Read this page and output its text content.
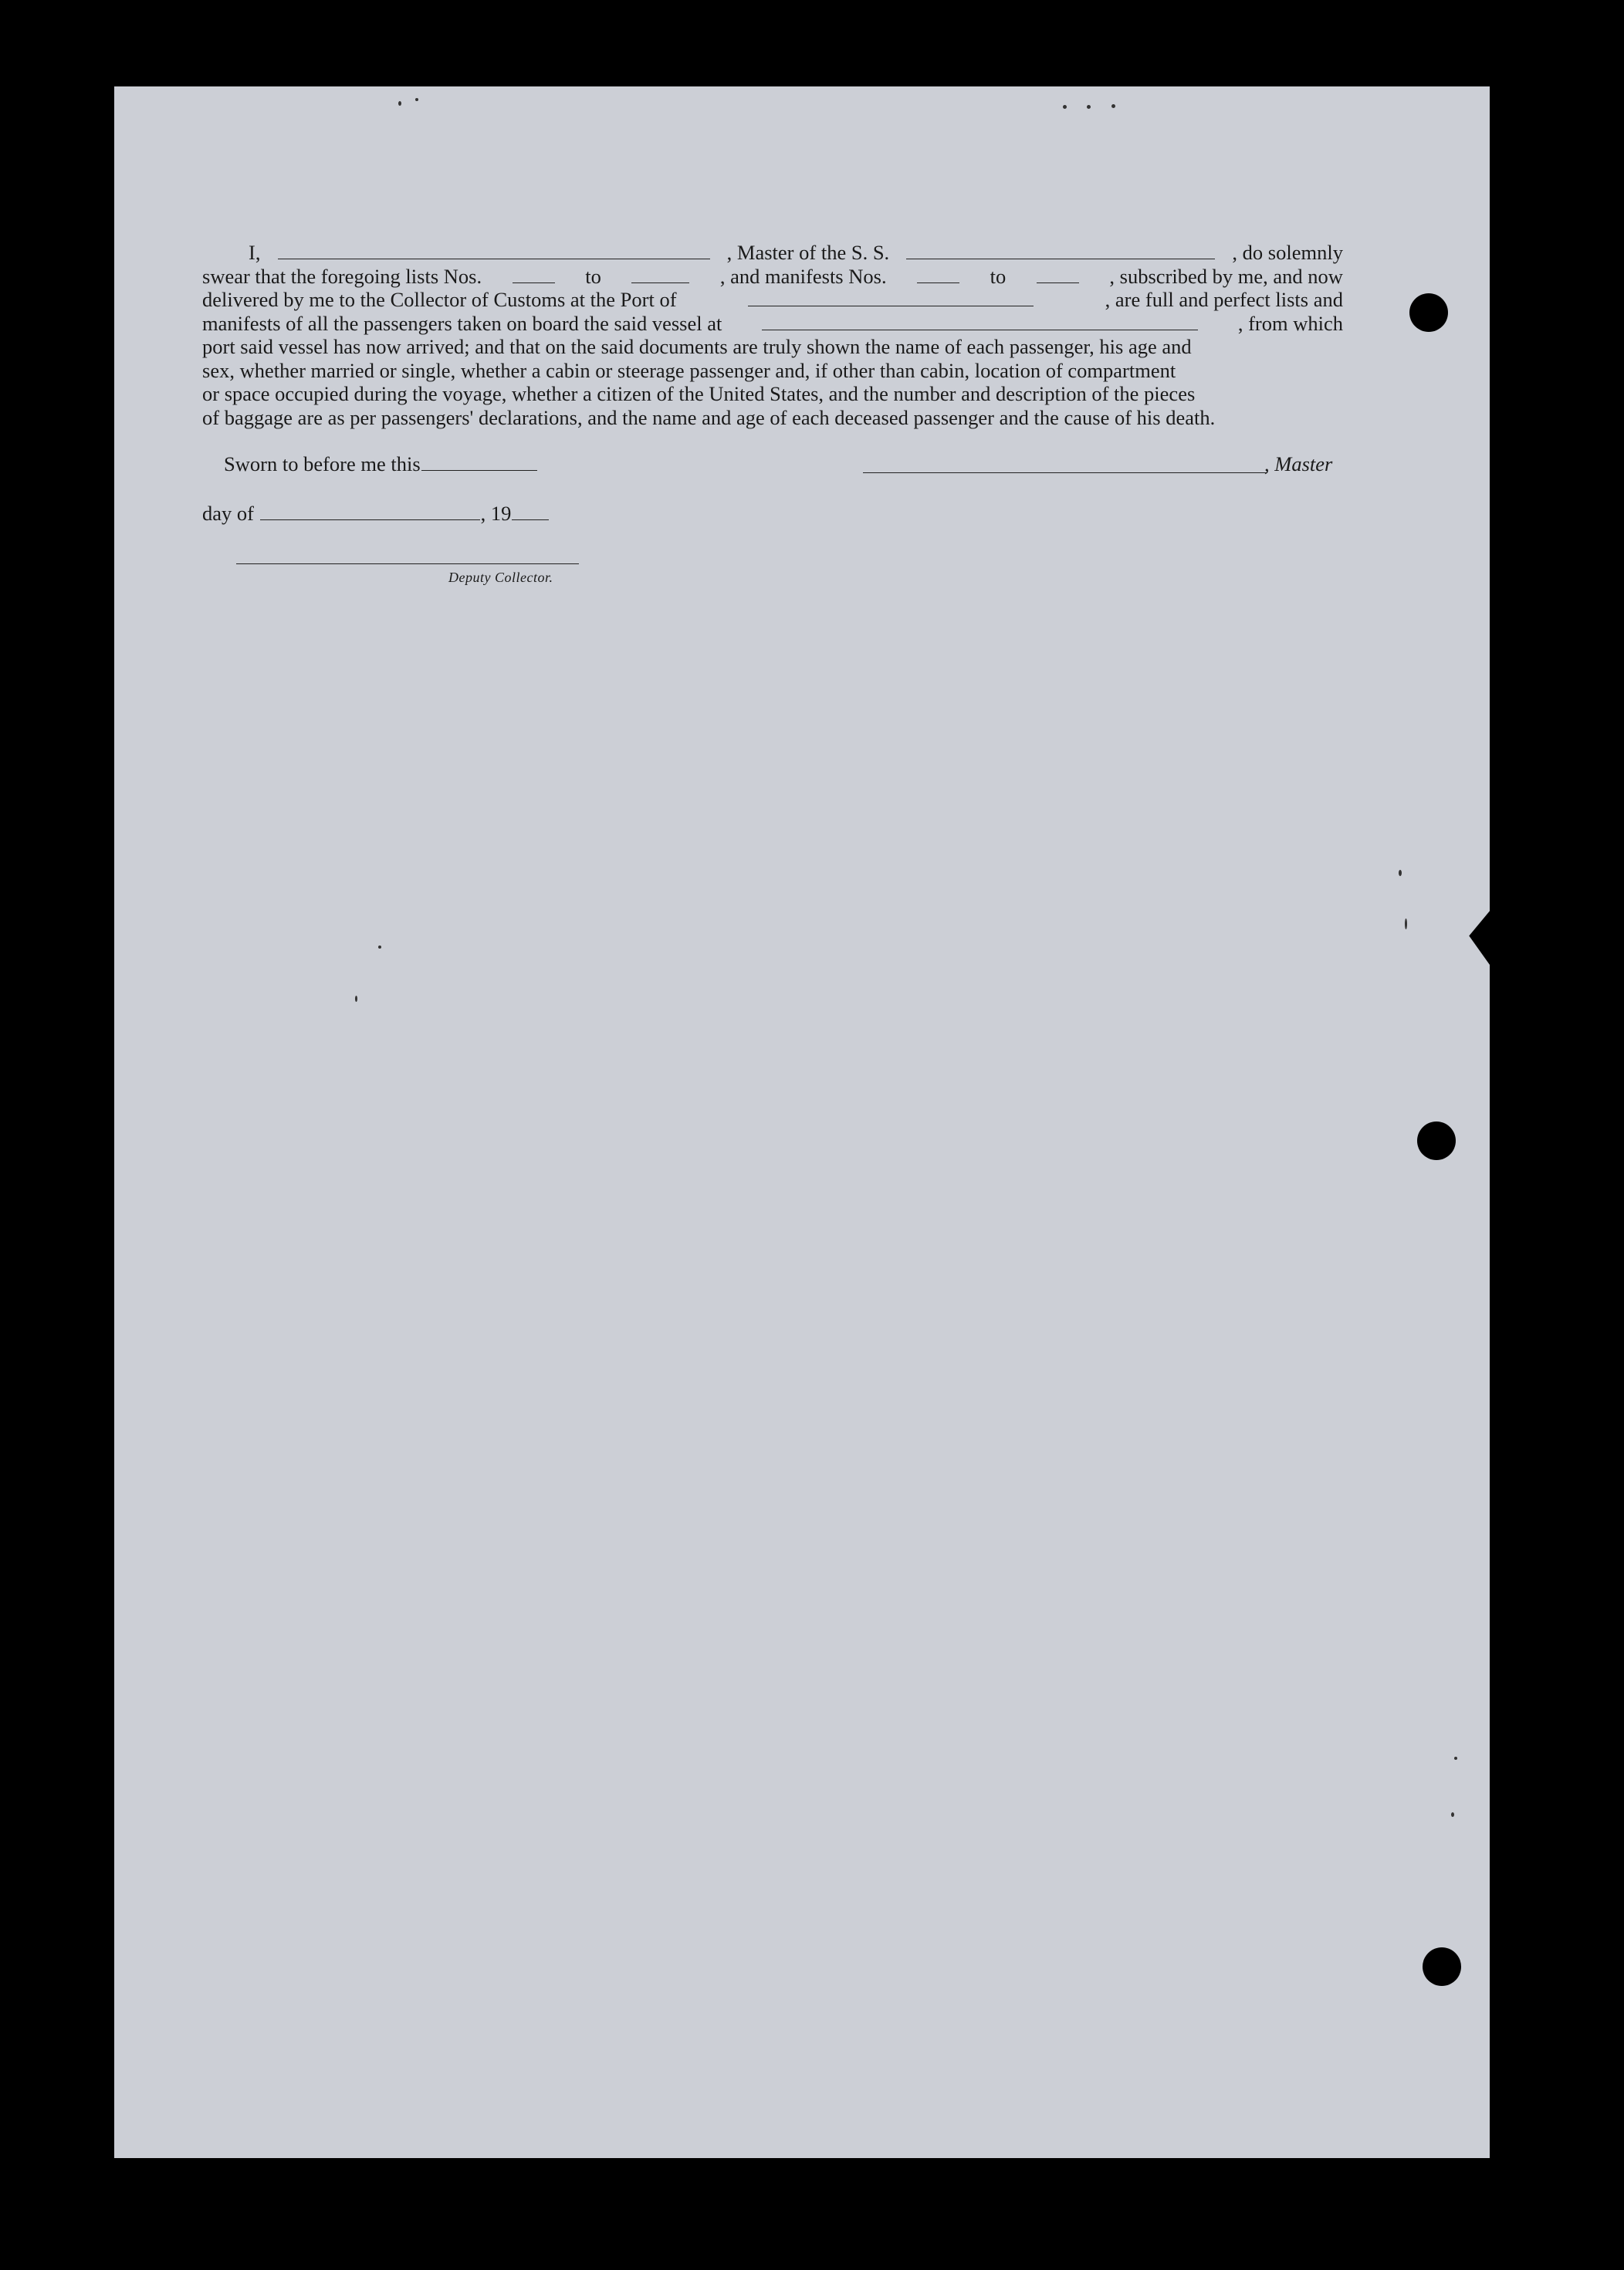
I,	, Master of the S. S.	, do solemnly
swear that the foregoing lists Nos.	to	, and manifests Nos.	to	, subscribed by me, and now
delivered by me to the Collector of Customs at the Port of	, are full and perfect lists and
manifests of all the passengers taken on board the said vessel at	, from which
port said vessel has now arrived; and that on the said documents are truly shown the name of each passenger, his age and
sex, whether married or single, whether a cabin or steerage passenger and, if other than cabin, location of compartment
or space occupied during the voyage, whether a citizen of the United States, and the number and description of the pieces
of baggage are as per passengers' declarations, and the name and age of each deceased passenger and the cause of his death.
Sworn to before me this	, Master
day of	, 19
Deputy Collector.
